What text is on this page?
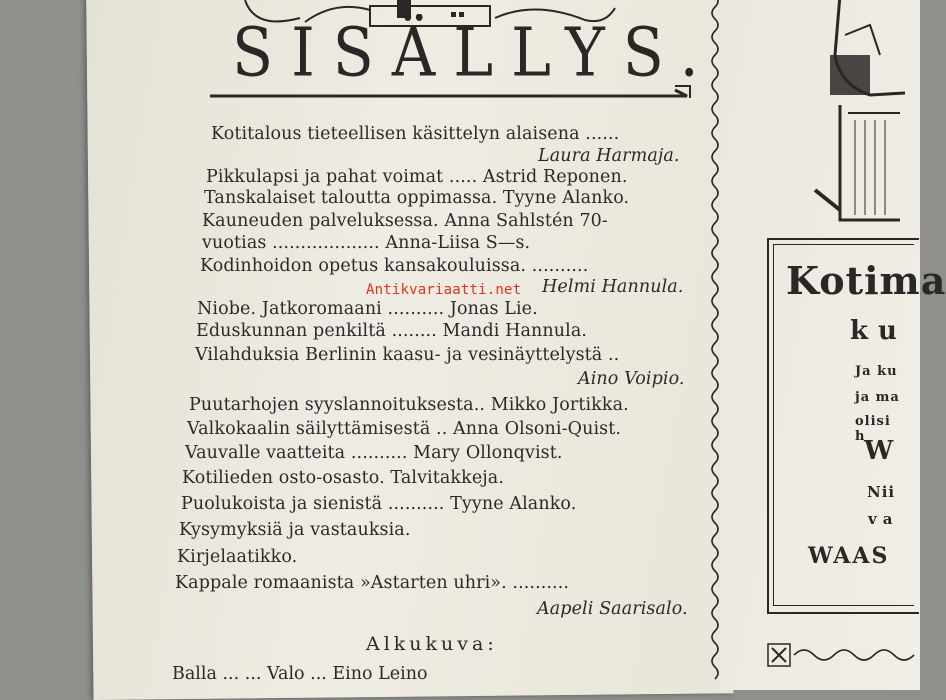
SISÄLLYS.
Kotitalous tieteellisen käsittelyn alaisena ......
Laura Harmaja.
Pikkulapsi ja pahat voimat ..... Astrid Reponen.
Tanskalaiset taloutta oppimassa. Tyyne Alanko.
Kauneuden palveluksessa. Anna Sahlstén 70-
vuotias ................... Anna-Liisa S—s.
Kodinhoidon opetus kansakouluissa. ..........
Helmi Hannula.
Niobe. Jatkoromaani .......... Jonas Lie.
Eduskunnan penkiltä ........ Mandi Hannula.
Vilahduksia Berlinin kaasu- ja vesinäyttelystä ..
Aino Voipio.
Puutarhojen syyslannoituksesta.. Mikko Jortikka.
Valkokaalin säilyttämisestä .. Anna Olsoni-Quist.
Vauvalle vaatteita .......... Mary Ollonqvist.
Kotilieden osto-osasto. Talvitakkeja.
Puolukoista ja sienistä .......... Tyyne Alanko.
Kysymyksiä ja vastauksia.
Kirjelaatikko.
Kappale romaanista »Astarten uhri». ..........
Aapeli Saarisalo.
Alkukuva:
Balla ... ... Valo ... Eino Leino
Antikvariaatti.net	Kotima
ku
Ja ku
ja ma
olisi h
W
Nii
va
WAAS
